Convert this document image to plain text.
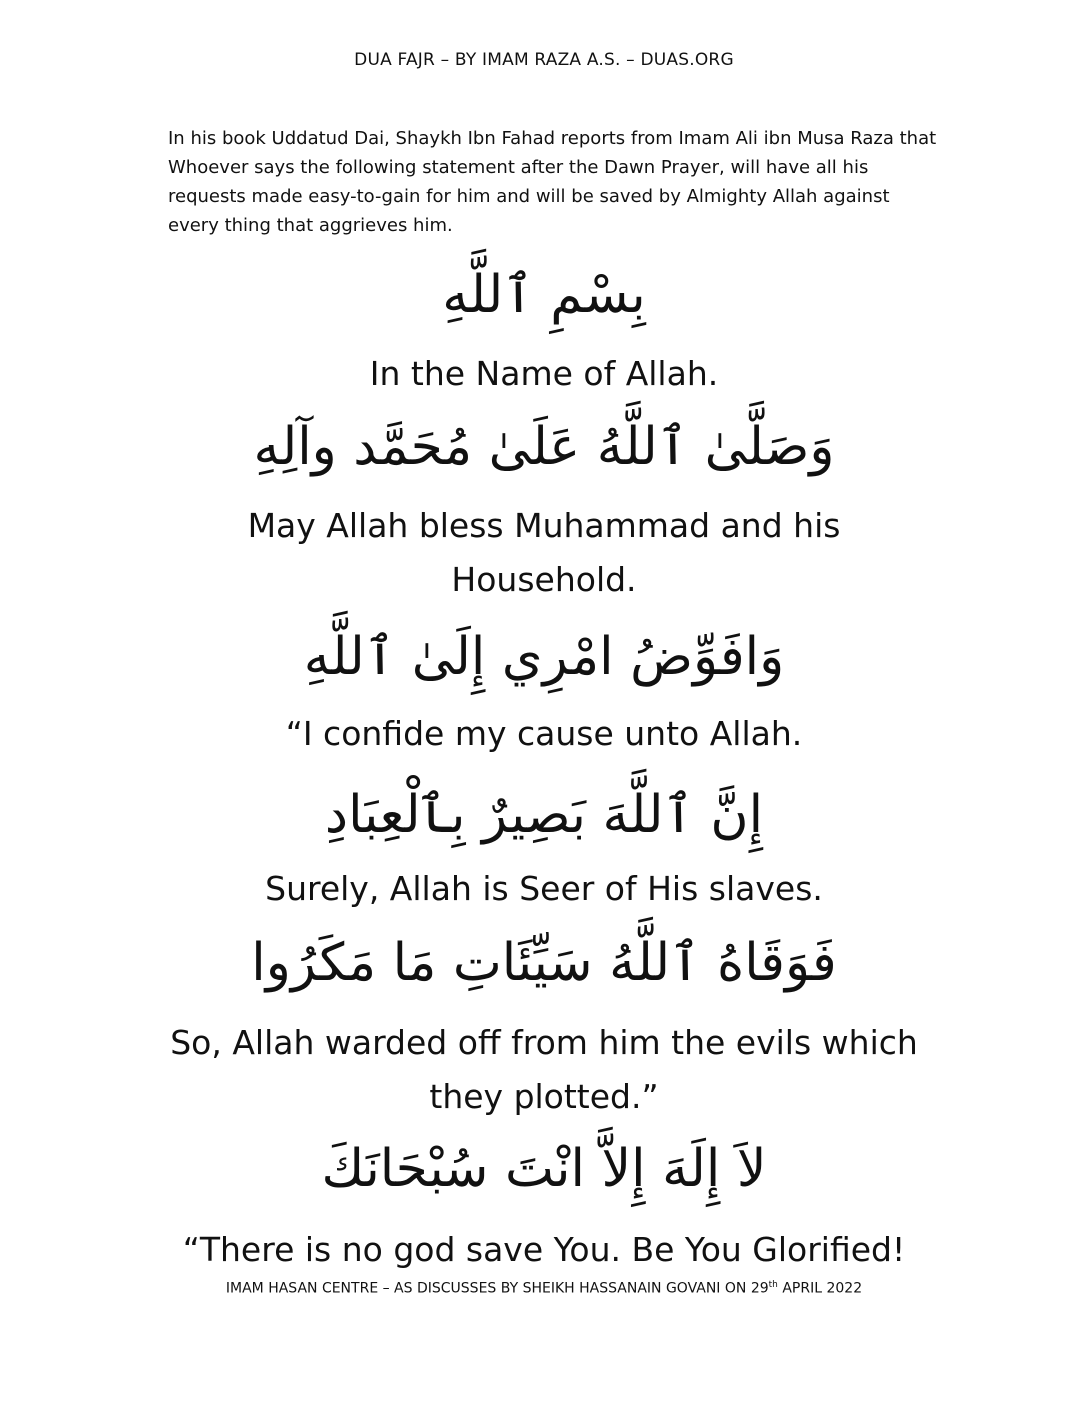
DUA FAJR – BY IMAM RAZA A.S. – DUAS.ORG
In his book Uddatud Dai, Shaykh Ibn Fahad reports from Imam Ali ibn Musa Raza that Whoever says the following statement after the Dawn Prayer, will have all his requests made easy-to-gain for him and will be saved by Almighty Allah against every thing that aggrieves him.
بِسْمِ ٱللَّهِ
In the Name of Allah.
وَصَلَّىٰ ٱللَّهُ عَلَىٰ مُحَمَّد وآلِهِ
May Allah bless Muhammad and his Household.
وَافَوِّضُ امْرِي إِلَىٰ ٱللَّهِ
“I confide my cause unto Allah.
إِنَّ ٱللَّهَ بَصِيرٌ بِٱلْعِبَادِ
Surely, Allah is Seer of His slaves.
فَوَقَاهُ ٱللَّهُ سَيِّئَاتِ مَا مَكَرُوا
So, Allah warded off from him the evils which they plotted.”
لاَ إِلَهَ إِلاَّ انْتَ سُبْحَانَكَ
“There is no god save You. Be You Glorified!
IMAM HASAN CENTRE – AS DISCUSSES BY SHEIKH HASSANAIN GOVANI ON 29th APRIL 2022
